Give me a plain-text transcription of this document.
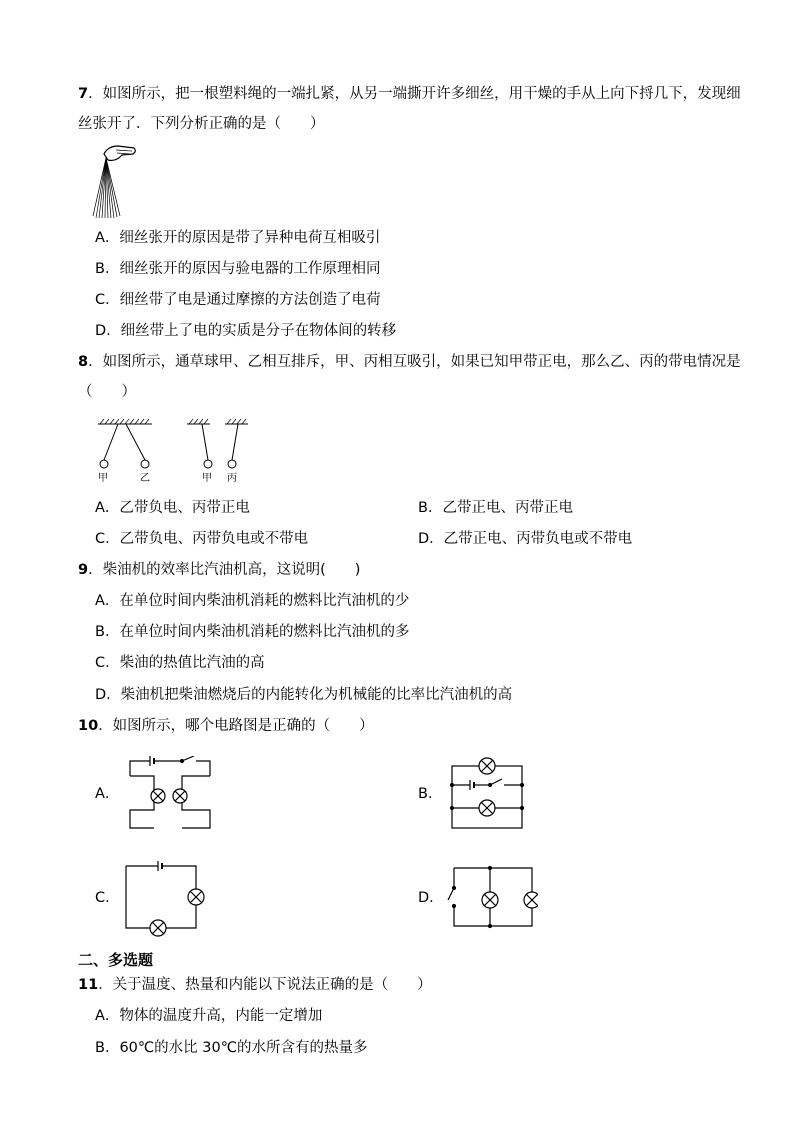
7．如图所示，把一根塑料绳的一端扎紧，从另一端撕开许多细丝，用干燥的手从上向下捋几下，发现细
丝张开了．下列分析正确的是（　　）
A．细丝张开的原因是带了异种电荷互相吸引
B．细丝张开的原因与验电器的工作原理相同
C．细丝带了电是通过摩擦的方法创造了电荷
D．细丝带上了电的实质是分子在物体间的转移
8．如图所示，通草球甲、乙相互排斥，甲、丙相互吸引，如果已知甲带正电，那么乙、丙的带电情况是
（　　）
甲	乙	甲 丙
A．乙带负电、丙带正电	B．乙带正电、丙带正电
C．乙带负电、丙带负电或不带电	D．乙带正电、丙带负电或不带电
9．柴油机的效率比汽油机高，这说明(　　)
A．在单位时间内柴油机消耗的燃料比汽油机的少
B．在单位时间内柴油机消耗的燃料比汽油机的多
C．柴油的热值比汽油的高
D．柴油机把柴油燃烧后的内能转化为机械能的比率比汽油机的高
10．如图所示，哪个电路图是正确的（　　）
A．	B．
C．	D．
二、多选题
11．关于温度、热量和内能以下说法正确的是（　　）
A．物体的温度升高，内能一定增加
B．60℃的水比 30℃的水所含有的热量多
